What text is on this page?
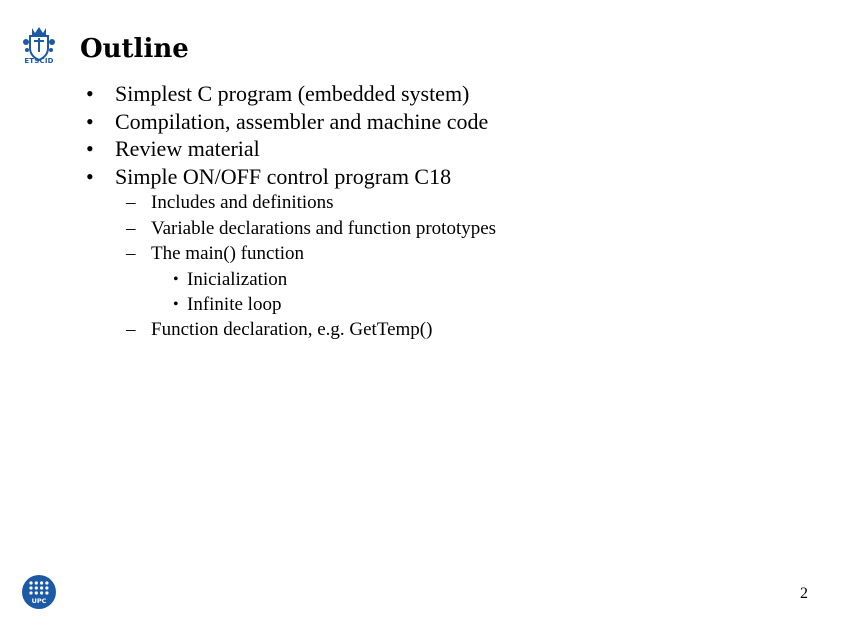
ETSCID Outline
• Simplest C program (embedded system)
• Compilation, assembler and machine code
• Review material
• Simple ON/OFF control program C18
– Includes and definitions
– Variable declarations and function prototypes
– The main() function
• Inicialization
• Infinite loop
– Function declaration, e.g. GetTemp()
UPC	2
